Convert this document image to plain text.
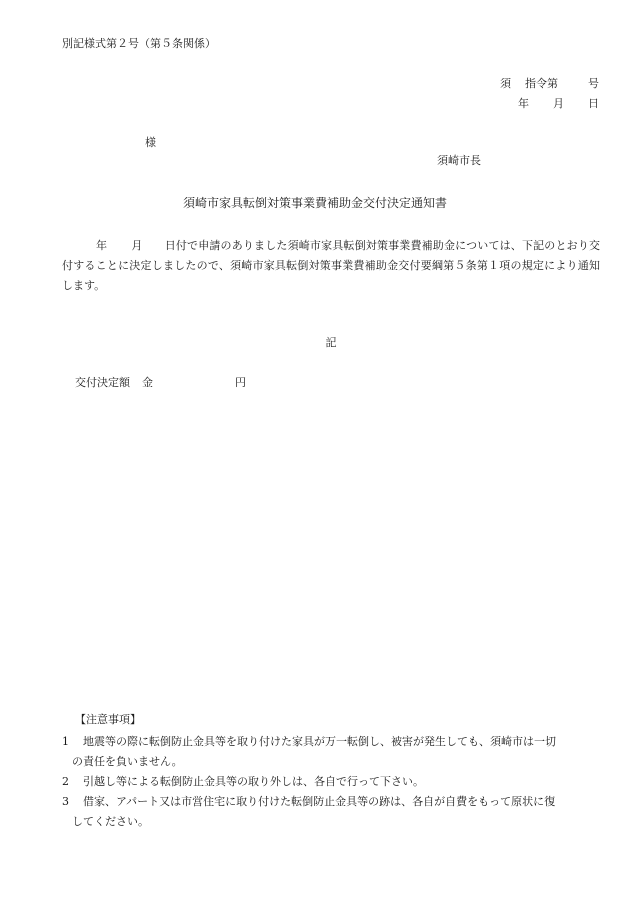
別記様式第２号（第５条関係）
須 指令第	号
年 月 日
様
須崎市長
須崎市家具転倒対策事業費補助金交付決定通知書
年 月 日付で申請のありました須崎市家具転倒対策事業費補助金については、下記のとおり交付することに決定しましたので、須崎市家具転倒対策事業費補助金交付要綱第５条第１項の規定により通知します。
記
交付決定額 金	円
【注意事項】
1 地震等の際に転倒防止金具等を取り付けた家具が万一転倒し、被害が発生しても、須崎市は一切
の責任を負いません。
2 引越し等による転倒防止金具等の取り外しは、各自で行って下さい。
3 借家、アパート又は市営住宅に取り付けた転倒防止金具等の跡は、各自が自費をもって原状に復
してください。
